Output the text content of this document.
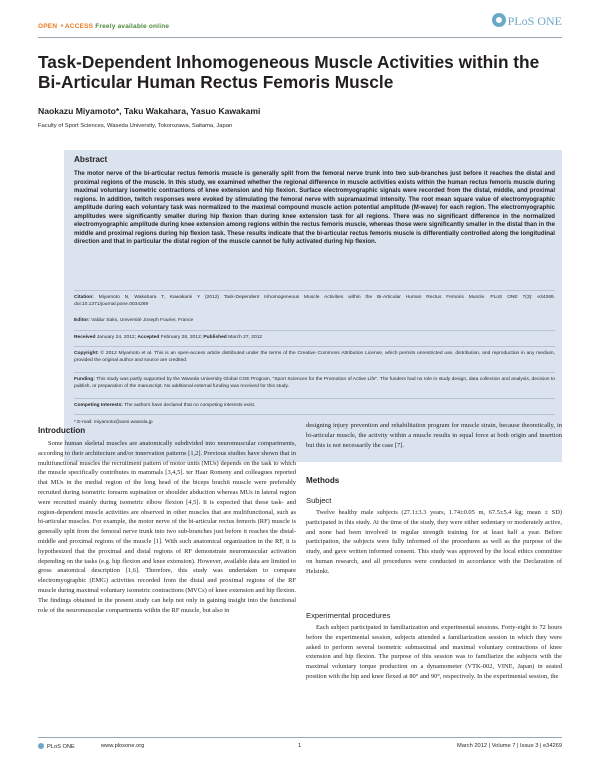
OPEN ⚬ACCESS Freely available online	PLoS ONE
Task-Dependent Inhomogeneous Muscle Activities within the Bi-Articular Human Rectus Femoris Muscle
Naokazu Miyamoto*, Taku Wakahara, Yasuo Kawakami
Faculty of Sport Sciences, Waseda University, Tokorozawa, Saitama, Japan
Abstract
The motor nerve of the bi-articular rectus femoris muscle is generally split from the femoral nerve trunk into two sub-branches just before it reaches the distal and proximal regions of the muscle. In this study, we examined whether the regional difference in muscle activities exists within the human rectus femoris muscle during maximal voluntary isometric contractions of knee extension and hip flexion. Surface electromyographic signals were recorded from the distal, middle, and proximal regions. In addition, twitch responses were evoked by stimulating the femoral nerve with supramaximal intensity. The root mean square value of electromyographic amplitude during each voluntary task was normalized to the maximal compound muscle action potential amplitude (M-wave) for each region. The electromyographic amplitudes were significantly smaller during hip flexion than during knee extension task for all regions. There was no significant difference in the normalized electromyographic amplitude during knee extension among regions within the rectus femoris muscle, whereas those were significantly smaller in the distal than in the middle and proximal regions during hip flexion task. These results indicate that the bi-articular rectus femoris muscle is differentially controlled along the longitudinal direction and that in particular the distal region of the muscle cannot be fully activated during hip flexion.
Citation: Miyamoto N, Wakahara T, Kawakami Y (2012) Task-Dependent Inhomogeneous Muscle Activities within the Bi-Articular Human Rectus Femoris Muscle. PLoS ONE 7(3): e34269. doi:10.1371/journal.pone.0034269
Editor: Valdur Saks, Université Joseph Fourier, France
Received January 24, 2012; Accepted February 28, 2012; Published March 27, 2012
Copyright: © 2012 Miyamoto et al. This is an open-access article distributed under the terms of the Creative Commons Attribution License, which permits unrestricted use, distribution, and reproduction in any medium, provided the original author and source are credited.
Funding: This study was partly supported by the Waseda University Global COE Program, "Sport Sciences for the Promotion of Active Life". The funders had no role in study design, data collection and analysis, decision to publish, or preparation of the manuscript. No additional external funding was received for this study.
Competing Interests: The authors have declared that no competing interests exist.
* E-mail: miyamoto@aoni.waseda.jp
Introduction

Some human skeletal muscles are anatomically subdivided into neuromuscular compartments, according to their architecture and/or innervation patterns [1,2]. Previous studies have shown that in multifunctional muscles the recruitment pattern of motor units (MUs) depends on the task to which the muscle specifically contributes in mammals [3,4,5]. ter Haar Romeny and colleagues reported that MUs in the medial region of the long head of the biceps brachii muscle were preferably recruited during isometric forearm supination or shoulder abduction whereas MUs in lateral region were recruited mainly during isometric elbow flexion [4,5]. It is expected that these task- and region-dependent muscle activities are observed in other muscles that are multifunctional, such as bi-articular muscles. For example, the motor nerve of the bi-articular rectus femoris (RF) muscle is generally split from the femoral nerve trunk into two sub-branches just before it reaches the distal-middle and proximal regions of the muscle [1]. With such anatomical organization in the RF, it is hypothesized that the proximal and distal regions of RF demonstrate neuromuscular activation depending on the tasks (e.g. hip flexion and knee extension). However, available data are limited to gross anatomical description [1,6]. Therefore, this study was undertaken to compare electromyographic (EMG) activities recorded from the distal and proximal regions of the RF muscle during maximal voluntary isometric contractions (MVCs) of knee extension and hip flexion. The findings obtained in the present study can help not only in gaining insight into the functional role of the neuromuscular compartments within the RF muscle, but also in

designing injury prevention and rehabilitation program for muscle strain, because theoretically, in bi-articular muscle, the activity within a muscle results in equal force at both origin and insertion but this is not necessarily the case [7].

Methods
Subject

Twelve healthy male subjects (27.1±3.3 years, 1.74±0.05 m, 67.5±5.4 kg; mean ± SD) participated in this study. At the time of the study, they were either sedentary or moderately active, and none had been involved in regular strength training for at least half a year. Before participation, the subjects were fully informed of the procedures as well as the purpose of the study, and gave written informed consent. This study was approved by the local ethics committee on human research, and all procedures were conducted in accordance with the Declaration of Helsinki.

Experimental procedures

Each subject participated in familiarization and experimental sessions. Forty-eight to 72 hours before the experimental session, subjects attended a familiarization session in which they were asked to perform several isometric submaximal and maximal voluntary contractions of knee extension and hip flexion. The purpose of this session was to familiarize the subjects with the maximal voluntary torque production on a dynamometer (VTK-002, VINE, Japan) in seated position with the hip and knee flexed at 80° and 90°, respectively. In the experimental session, the

PLoS ONE	www.plosone.org	1	March 2012 | Volume 7 | Issue 3 | e34269
